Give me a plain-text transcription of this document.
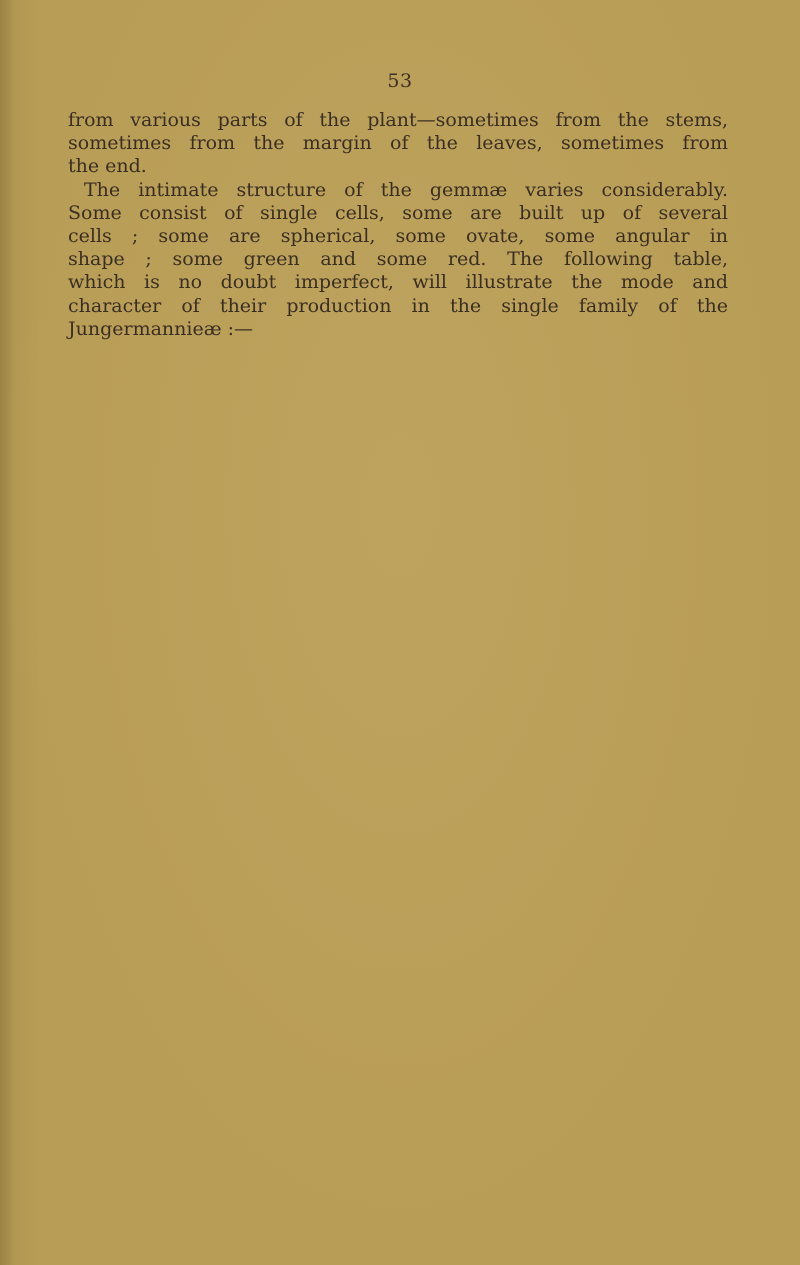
53
from various parts of the plant—sometimes from the stems,
sometimes from the margin of the leaves, sometimes from
the end.
The intimate structure of the gemmæ varies considerably.
Some consist of single cells, some are built up of several
cells ; some are spherical, some ovate, some angular in
shape ; some green and some red. The following table,
which is no doubt imperfect, will illustrate the mode and
character of their production in the single family of the
Jungermannieæ :—
